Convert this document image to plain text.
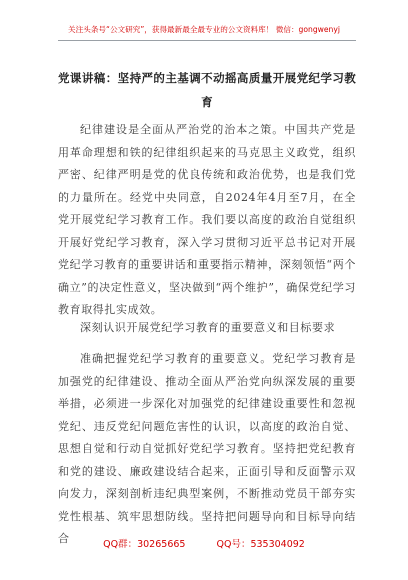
关注头条号“公文研究”，获得最新最全最专业的公文资料库！ 微信：gongwenyj
党课讲稿：坚持严的主基调不动摇高质量开展党纪学习教育
纪律建设是全面从严治党的治本之策。中国共产党是用革命理想和铁的纪律组织起来的马克思主义政党，组织严密、纪律严明是党的优良传统和政治优势，也是我们党的力量所在。经党中央同意，自2024年4月至7月，在全党开展党纪学习教育工作。我们要以高度的政治自觉组织开展好党纪学习教育，深入学习贯彻习近平总书记对开展党纪学习教育的重要讲话和重要指示精神，深刻领悟“两个确立”的决定性意义，坚决做到“两个维护”，确保党纪学习教育取得扎实成效。
深刻认识开展党纪学习教育的重要意义和目标要求
准确把握党纪学习教育的重要意义。党纪学习教育是加强党的纪律建设、推动全面从严治党向纵深发展的重要举措，必须进一步深化对加强党的纪律建设重要性和忽视党纪、违反党纪问题危害性的认识，以高度的政治自觉、思想自觉和行动自觉抓好党纪学习教育。坚持把党纪教育和党的建设、廉政建设结合起来，正面引导和反面警示双向发力，深刻剖析违纪典型案例，不断推动党员干部夯实党性根基、筑牢思想防线。坚持把问题导向和目标导向结合	QQ群：30265665	QQ号：535304092
